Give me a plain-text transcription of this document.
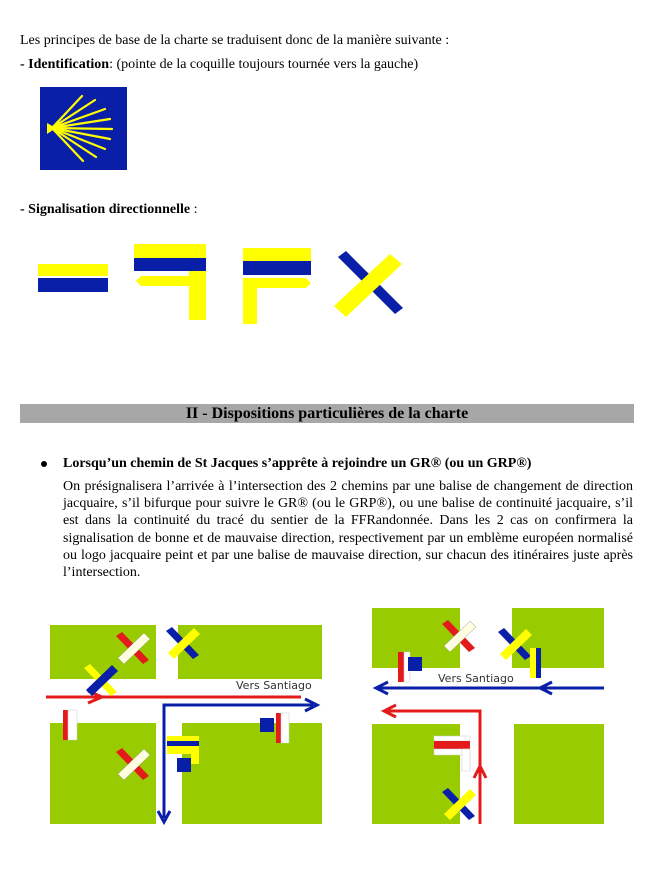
Les principes de base de la charte se traduisent donc de la manière suivante :
- Identification: (pointe de la coquille toujours tournée vers la gauche)
- Signalisation directionnelle :
II - Dispositions particulières de la charte
Lorsqu’un chemin de St Jacques s’apprête à rejoindre un GR® (ou un GRP®)
On présignalisera l’arrivée à l’intersection des 2 chemins par une balise de changement de direction jacquaire, s’il bifurque pour suivre le GR® (ou le GRP®), ou une balise de continuité jacquaire, s’il est dans la continuité du tracé du sentier de la FFRandonnée. Dans les 2 cas on confirmera la signalisation de bonne et de mauvaise direction, respectivement par un emblème européen normalisé ou logo jacquaire peint et par une balise de mauvaise direction, sur chacun des itinéraires juste après l’intersection.
Vers Santiago
Vers Santiago
